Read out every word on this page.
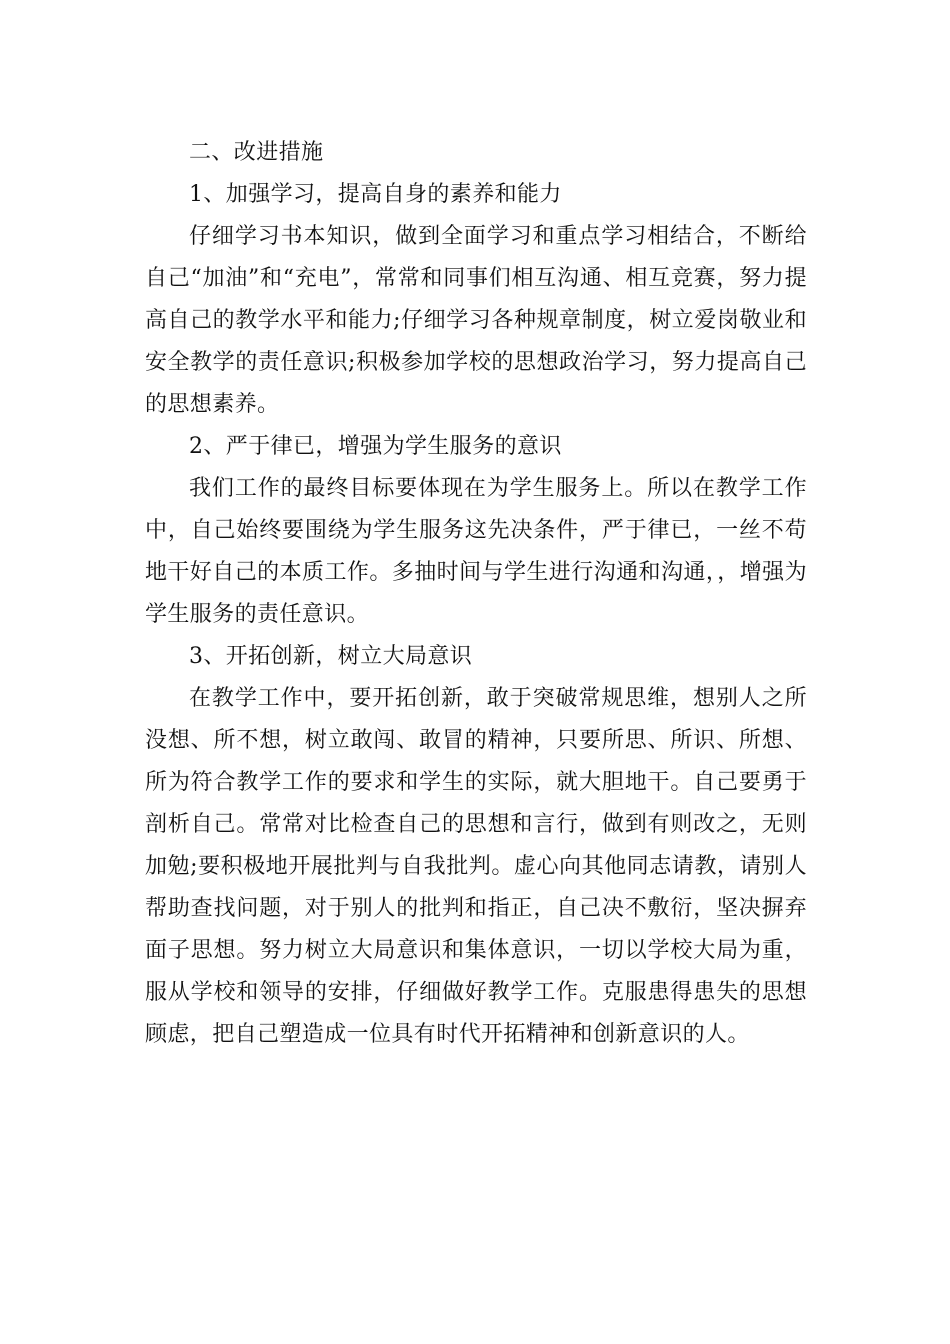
二、改进措施
1、加强学习，提高自身的素养和能力

仔细学习书本知识，做到全面学习和重点学习相结合，不断给自己“加油”和“充电”，常常和同事们相互沟通、相互竞赛，努力提高自己的教学水平和能力;仔细学习各种规章制度，树立爱岗敬业和安全教学的责任意识;积极参加学校的思想政治学习，努力提高自己的思想素养。

2、严于律已，增强为学生服务的意识

我们工作的最终目标要体现在为学生服务上。所以在教学工作中，自己始终要围绕为学生服务这先决条件，严于律已，一丝不苟地干好自己的本质工作。多抽时间与学生进行沟通和沟通，，增强为学生服务的责任意识。

3、开拓创新，树立大局意识

在教学工作中，要开拓创新，敢于突破常规思维，想别人之所没想、所不想，树立敢闯、敢冒的精神，只要所思、所识、所想、所为符合教学工作的要求和学生的实际，就大胆地干。自己要勇于剖析自己。常常对比检查自己的思想和言行，做到有则改之，无则加勉;要积极地开展批判与自我批判。虚心向其他同志请教，请别人帮助查找问题，对于别人的批判和指正，自己决不敷衍，坚决摒弃面子思想。努力树立大局意识和集体意识，一切以学校大局为重，服从学校和领导的安排，仔细做好教学工作。克服患得患失的思想顾虑，把自己塑造成一位具有时代开拓精神和创新意识的人。
